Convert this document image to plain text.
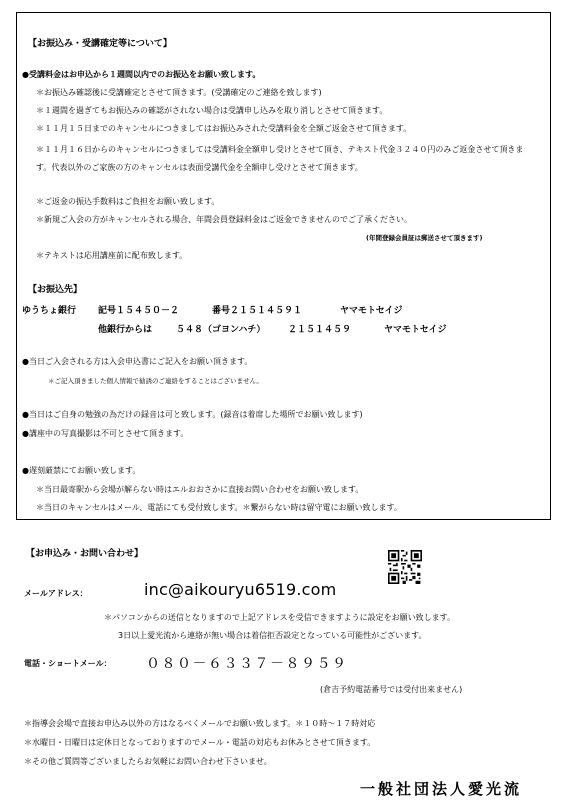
【お振込み・受講確定等について】
●受講料金はお申込から１週間以内でのお振込をお願い致します。
＊お振込み確認後に受講確定とさせて頂きます。(受講確定のご連絡を致します)
＊１週間を過ぎてもお振込みの確認がされない場合は受講申し込みを取り消しとさせて頂きます。
＊１１月１５日までのキャンセルにつきましてはお振込みされた受講料金を全額ご返金させて頂きます。
＊１１月１６日からのキャンセルにつきましては受講料金全額申し受けとさせて頂き、テキスト代金３２４０円のみご返金させて頂きます。代表以外のご家族の方のキャンセルは表面受講代金を全額申し受けとさせて頂きます。
＊ご返金の振込手数料はご負担をお願い致します。
＊新規ご入会の方がキャンセルされる場合、年間会員登録料金はご返金できませんのでご了承ください。
(年間登録会員証は郵送させて頂きます)
＊テキストは応用講座前に配布致します。
【お振込先】
ゆうちょ銀行 記号１５４５０－２	番号２１５１４５９１	ヤマモトセイジ
他銀行からは	５４８（ゴヨンハチ）	２１５１４５９	ヤマモトセイジ
●当日ご入会される方は入会申込書にご記入をお願い頂きます。
＊ご記入頂きました個人情報で勧誘のご連絡をすることはございません。
●当日はご自身の勉強の為だけの録音は可と致します。(録音は着席した場所でお願い致します)
●講座中の写真撮影は不可とさせて頂きます。
●遅刻厳禁にてお願い致します。
＊当日最寄駅から会場が解らない時はエルおおさかに直接お問い合わせをお願い致します。
＊当日のキャンセルはメール、電話にても受付致します。＊繋がらない時は留守電にお願い致します。
【お申込み・お問い合わせ】
メールアドレス：	inc@aikouryu6519.com
＊パソコンからの送信となりますので上記アドレスを受信できますように設定をお願い致します。
3日以上愛光流から連絡が無い場合は着信拒否設定となっている可能性がございます。
電話・ショートメール： ０８０－６３３７－８９５９
(倉吉予約電話番号では受付出来ません)
＊指導会会場で直接お申込み以外の方はなるべくメールでお願い致します。＊１０時～１７時対応
＊水曜日・日曜日は定休日となっておりますのでメール・電話の対応もお休みとさせて頂きます。
＊その他ご質問等ございましたらお気軽にお問い合わせ下さいませ。
一般社団法人愛光流
